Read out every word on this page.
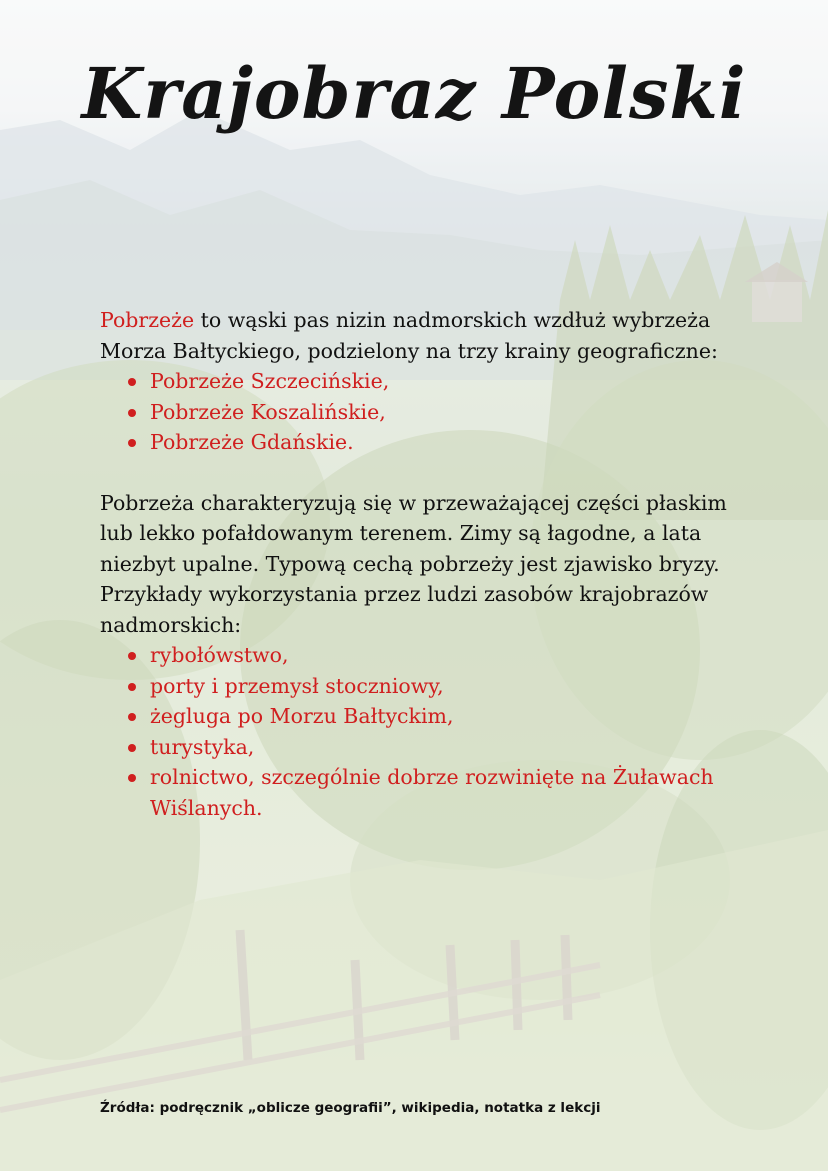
Krajobraz Polski

Pobrzeże to wąski pas nizin nadmorskich wzdłuż wybrzeża Morza Bałtyckiego, podzielony na trzy krainy geograficzne:

Pobrzeże Szczecińskie,
Pobrzeże Koszalińskie,
Pobrzeże Gdańskie.

Pobrzeża charakteryzują się w przeważającej części płaskim lub lekko pofałdowanym terenem. Zimy są łagodne, a lata niezbyt upalne. Typową cechą pobrzeży jest zjawisko bryzy. Przykłady wykorzystania przez ludzi zasobów krajobrazów nadmorskich:

rybołówstwo,
porty i przemysł stoczniowy,
żegluga po Morzu Bałtyckim,
turystyka,
rolnictwo, szczególnie dobrze rozwinięte na Żuławach Wiślanych.
Źródła: podręcznik „oblicze geografii”, wikipedia, notatka z lekcji
